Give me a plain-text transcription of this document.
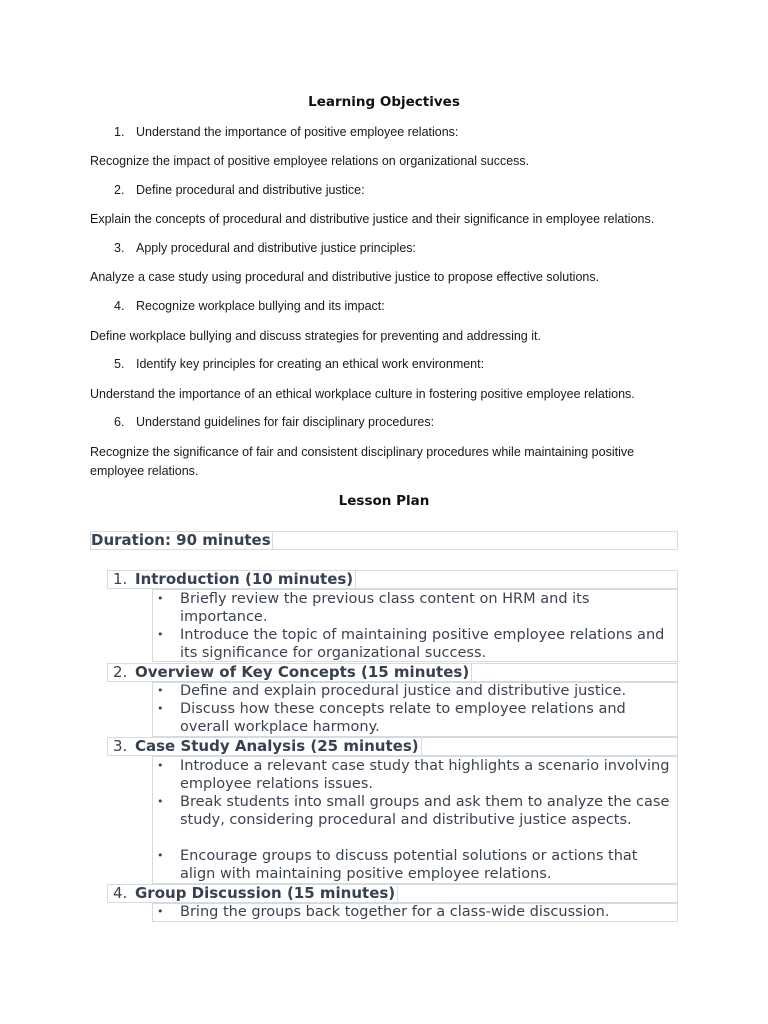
Learning Objectives
1. Understand the importance of positive employee relations:
Recognize the impact of positive employee relations on organizational success.
2. Define procedural and distributive justice:
Explain the concepts of procedural and distributive justice and their significance in employee relations.
3. Apply procedural and distributive justice principles:
Analyze a case study using procedural and distributive justice to propose effective solutions.
4. Recognize workplace bullying and its impact:
Define workplace bullying and discuss strategies for preventing and addressing it.
5. Identify key principles for creating an ethical work environment:
Understand the importance of an ethical workplace culture in fostering positive employee relations.
6. Understand guidelines for fair disciplinary procedures:
Recognize the significance of fair and consistent disciplinary procedures while maintaining positive employee relations.
Lesson Plan
Duration: 90 minutes
1. Introduction (10 minutes)
• Briefly review the previous class content on HRM and its importance.
• Introduce the topic of maintaining positive employee relations and its significance for organizational success.
2. Overview of Key Concepts (15 minutes)
• Define and explain procedural justice and distributive justice.
• Discuss how these concepts relate to employee relations and overall workplace harmony.
3. Case Study Analysis (25 minutes)
• Introduce a relevant case study that highlights a scenario involving employee relations issues.
• Break students into small groups and ask them to analyze the case study, considering procedural and distributive justice aspects.
• Encourage groups to discuss potential solutions or actions that align with maintaining positive employee relations.
4. Group Discussion (15 minutes)
• Bring the groups back together for a class-wide discussion.
